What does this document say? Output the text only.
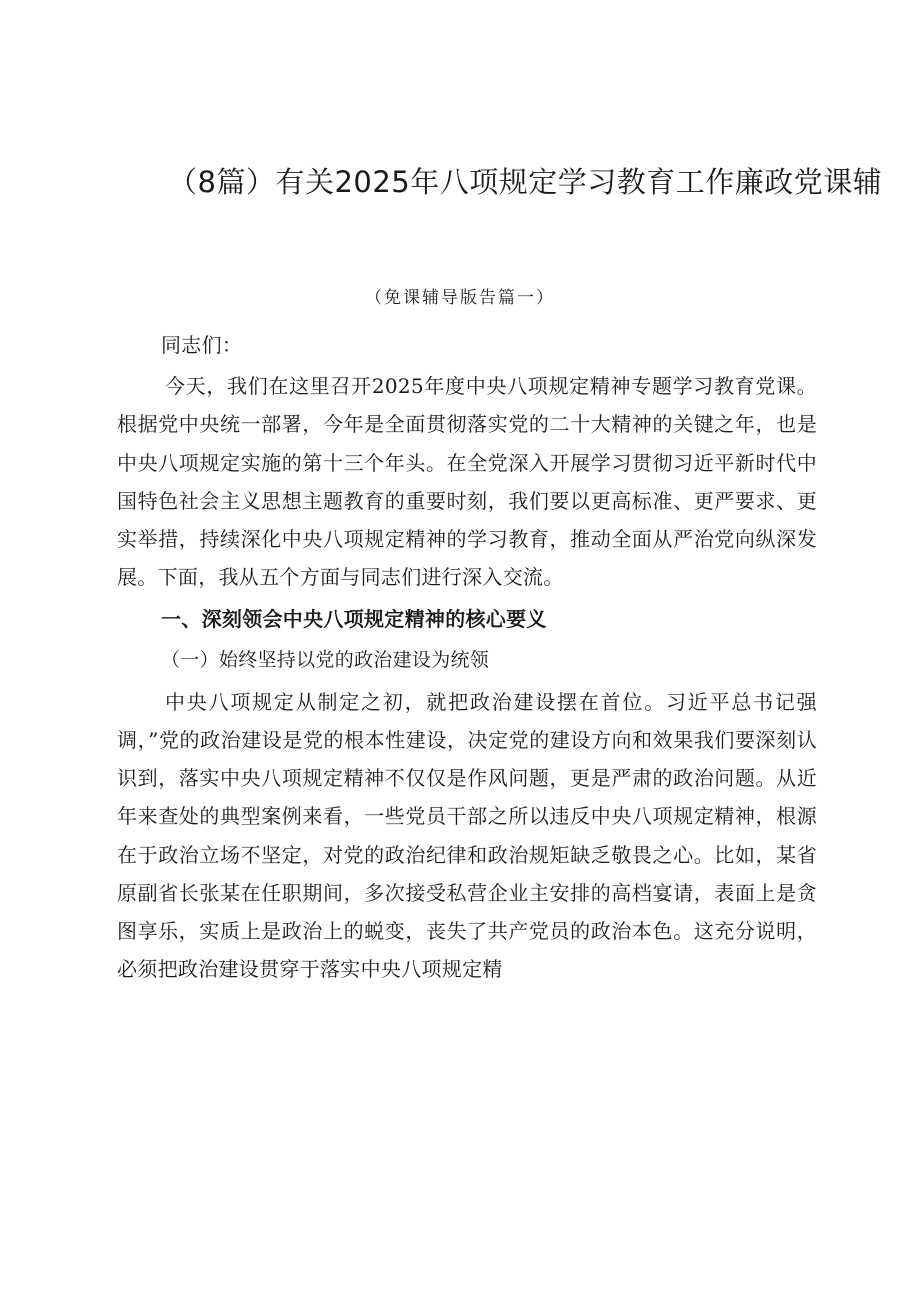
（8篇）有关2025年八项规定学习教育工作廉政党课辅
（免课辅导版告篇一）

同志们：

今天，我们在这里召开2025年度中央八项规定精神专题学习教育党课。根据党中央统一部署，今年是全面贯彻落实党的二十大精神的关键之年，也是中央八项规定实施的第十三个年头。在全党深入开展学习贯彻习近平新时代中国特色社会主义思想主题教育的重要时刻，我们要以更高标准、更严要求、更实举措，持续深化中央八项规定精神的学习教育，推动全面从严治党向纵深发展。下面，我从五个方面与同志们进行深入交流。

一、深刻领会中央八项规定精神的核心要义

（一）始终坚持以党的政治建设为统领

中央八项规定从制定之初，就把政治建设摆在首位。习近平总书记强调，”党的政治建设是党的根本性建设，决定党的建设方向和效果我们要深刻认识到，落实中央八项规定精神不仅仅是作风问题，更是严肃的政治问题。从近年来查处的典型案例来看，一些党员干部之所以违反中央八项规定精神，根源在于政治立场不坚定，对党的政治纪律和政治规矩缺乏敬畏之心。比如，某省原副省长张某在任职期间，多次接受私营企业主安排的高档宴请，表面上是贪图享乐，实质上是政治上的蜕变，丧失了共产党员的政治本色。这充分说明，必须把政治建设贯穿于落实中央八项规定精
